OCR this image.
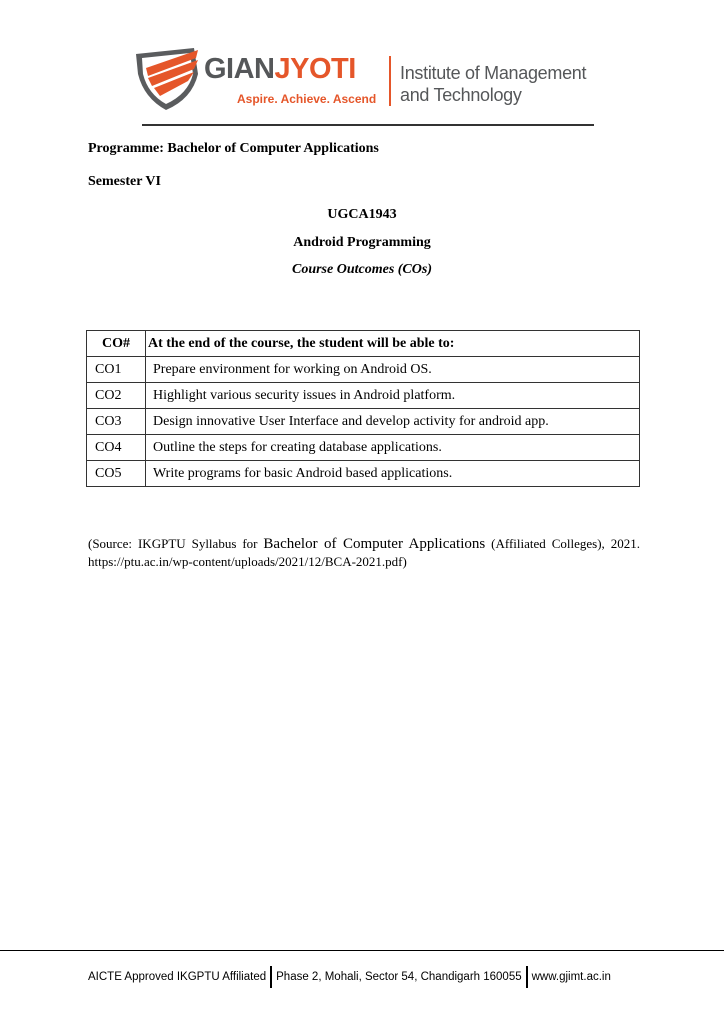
GIANJYOTI
Aspire. Achieve. Ascend
Institute of Management
and Technology
Programme: Bachelor of Computer Applications
Semester VI
UGCA1943
Android Programming
Course Outcomes (COs)
CO#	At the end of the course, the student will be able to:
CO1	Prepare environment for working on Android OS.
CO2	Highlight various security issues in Android platform.
CO3	Design innovative User Interface and develop activity for android app.
CO4	Outline the steps for creating database applications.
CO5	Write programs for basic Android based applications.
(Source: IKGPTU Syllabus for Bachelor of Computer Applications (Affiliated Colleges), 2021. https://ptu.ac.in/wp-content/uploads/2021/12/BCA-2021.pdf)
AICTE Approved IKGPTU Affiliated Phase 2, Mohali, Sector 54, Chandigarh 160055 www.gjimt.ac.in
